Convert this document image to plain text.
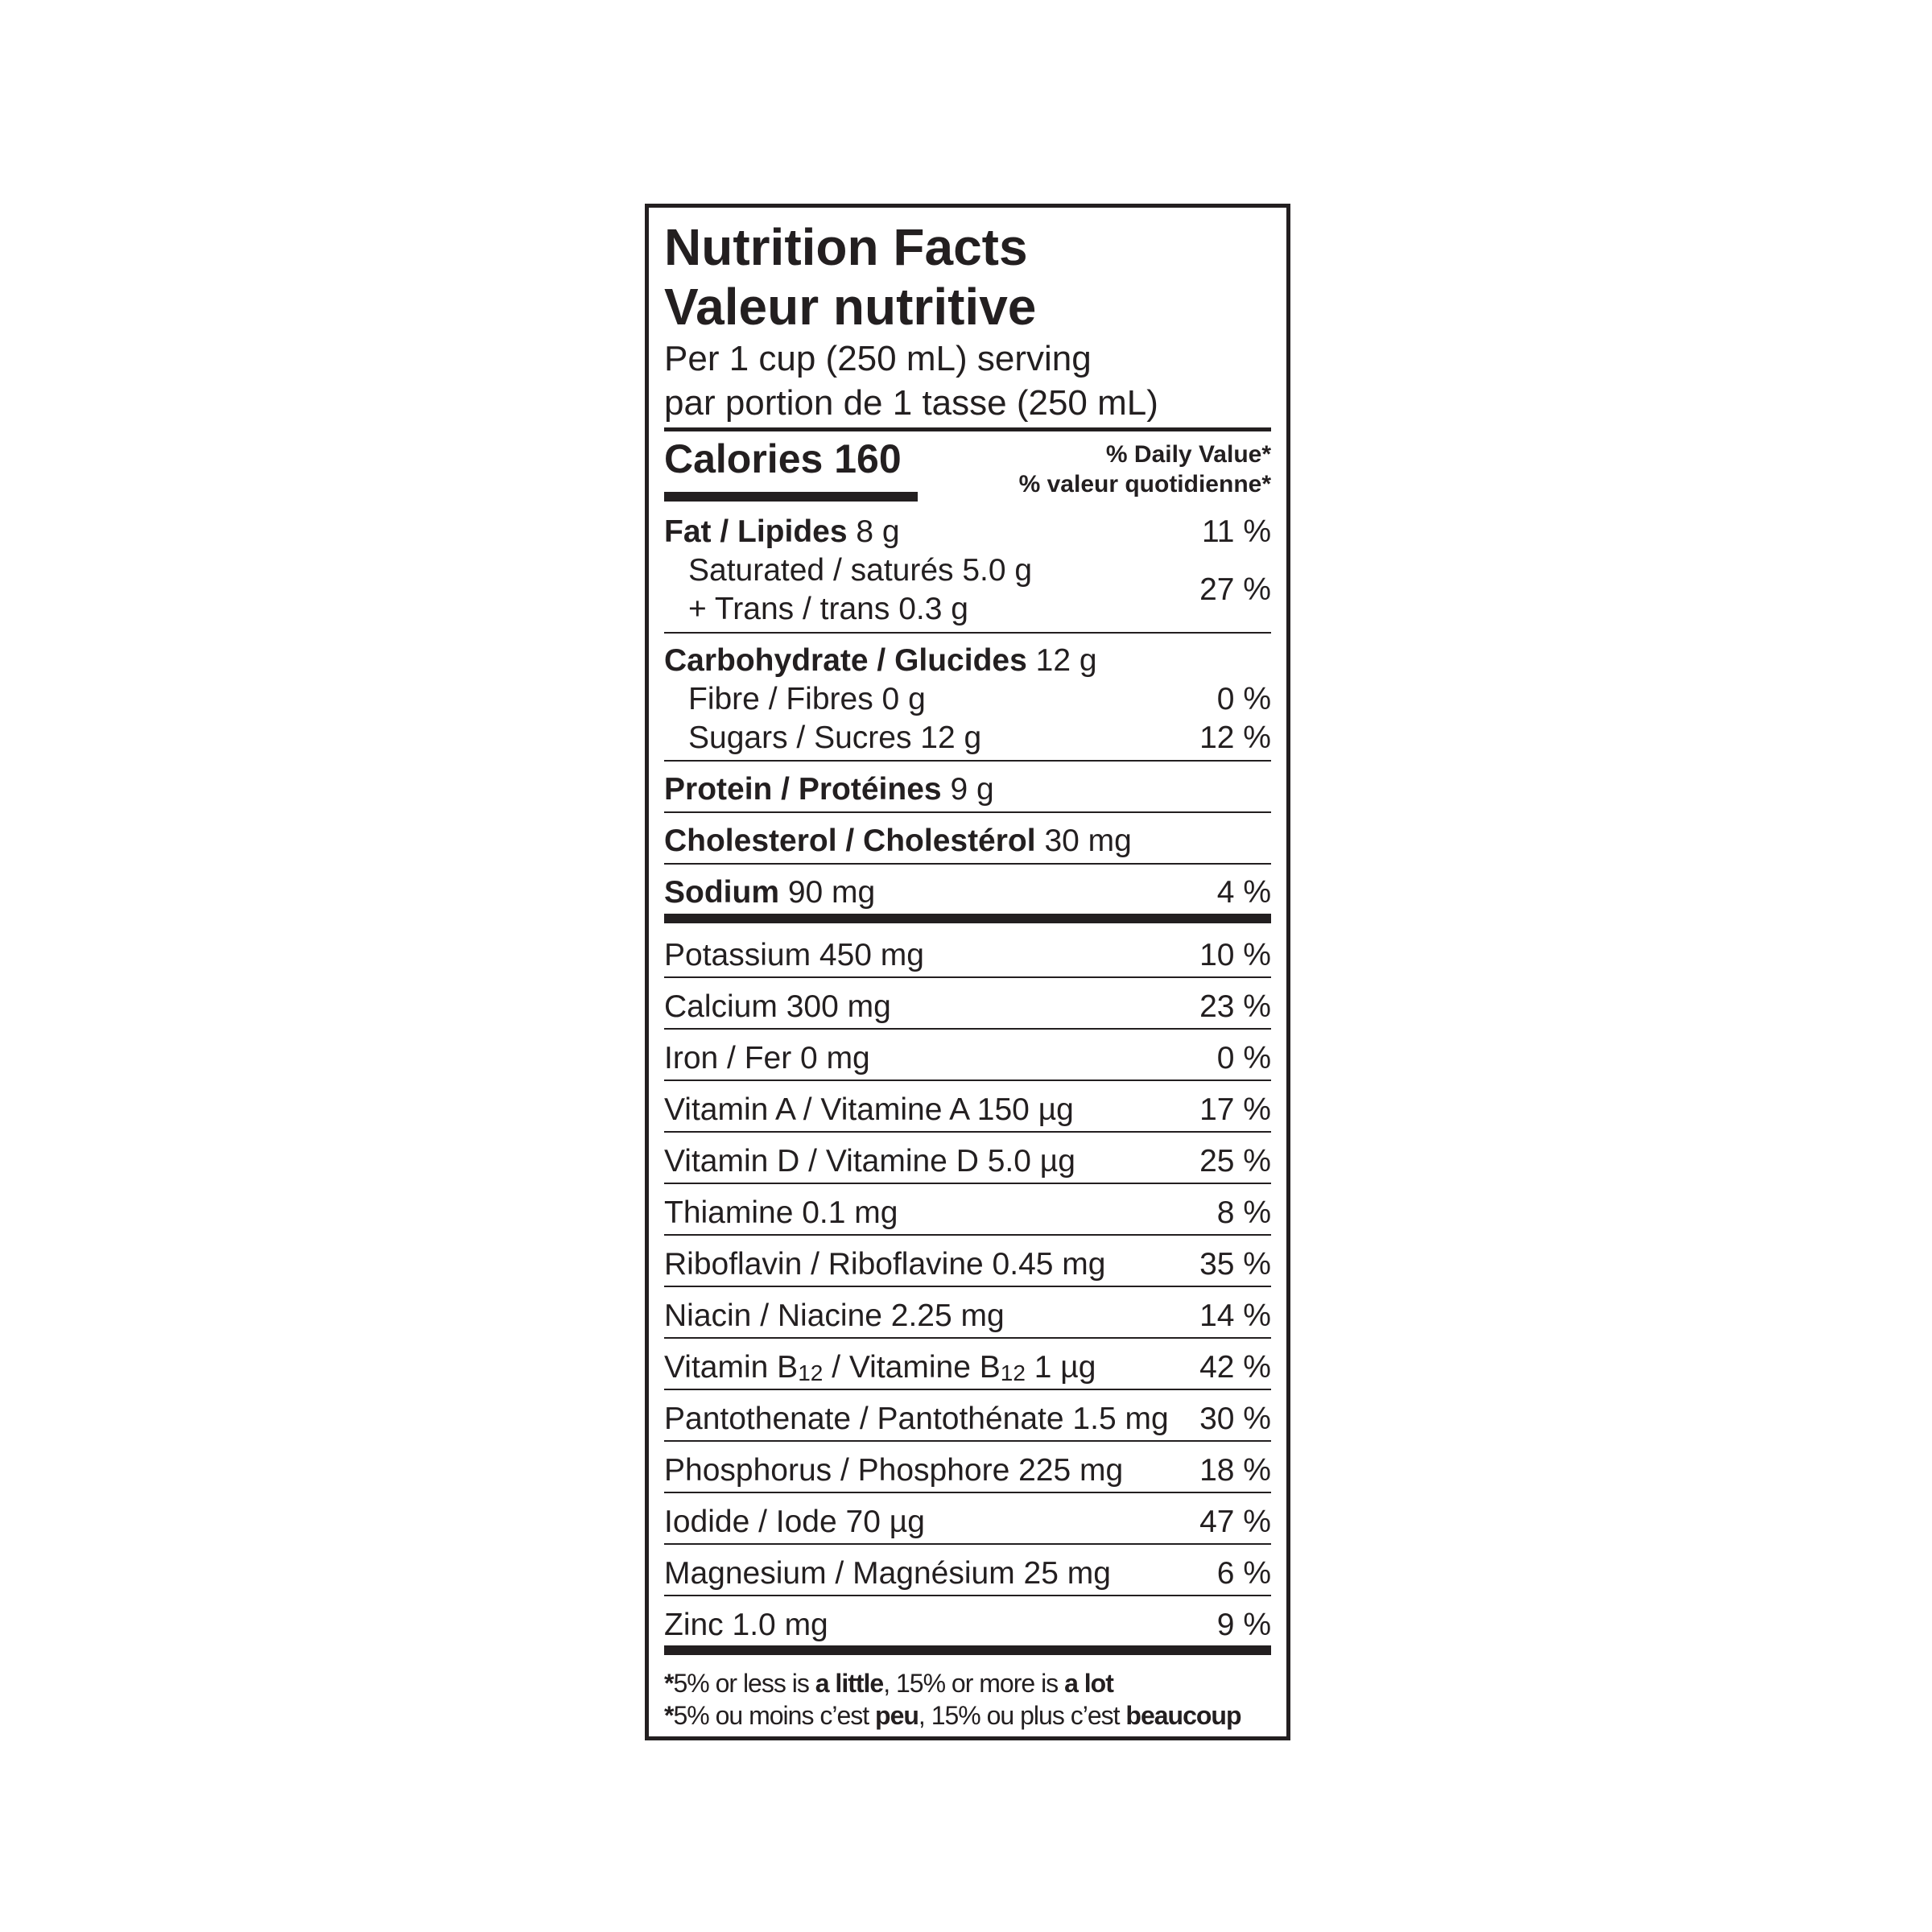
Nutrition Facts
Valeur nutritive
Per 1 cup (250 mL) serving
par portion de 1 tasse (250 mL)
Calories 160	% Daily Value*
% valeur quotidienne*
Fat / Lipides 8 g	11 %
Saturated / saturés 5.0 g
+ Trans / trans 0.3 g
27 %
Carbohydrate / Glucides 12 g
Fibre / Fibres 0 g	0 %
Sugars / Sucres 12 g	12 %
Protein / Protéines 9 g
Cholesterol / Cholestérol 30 mg
Sodium 90 mg	4 %
Potassium 450 mg	10 %
Calcium 300 mg	23 %
Iron / Fer 0 mg	0 %
Vitamin A / Vitamine A 150 µg	17 %
Vitamin D / Vitamine D 5.0 µg	25 %
Thiamine 0.1 mg	8 %
Riboflavin / Riboflavine 0.45 mg	35 %
Niacin / Niacine 2.25 mg	14 %
Vitamin $B_{12}$ / Vitamine $B_{12}$ 1 µg	42 %
Pantothenate / Pantothénate 1.5 mg 30 %
Phosphorus / Phosphore 225 mg 18 %
Iodide / Iode 70 µg	47 %
Magnesium / Magnésium 25 mg	6 %
Zinc 1.0 mg	9 %
*5% or less is a little, 15% or more is a lot
*5% ou moins c’est peu, 15% ou plus c’est beaucoup
